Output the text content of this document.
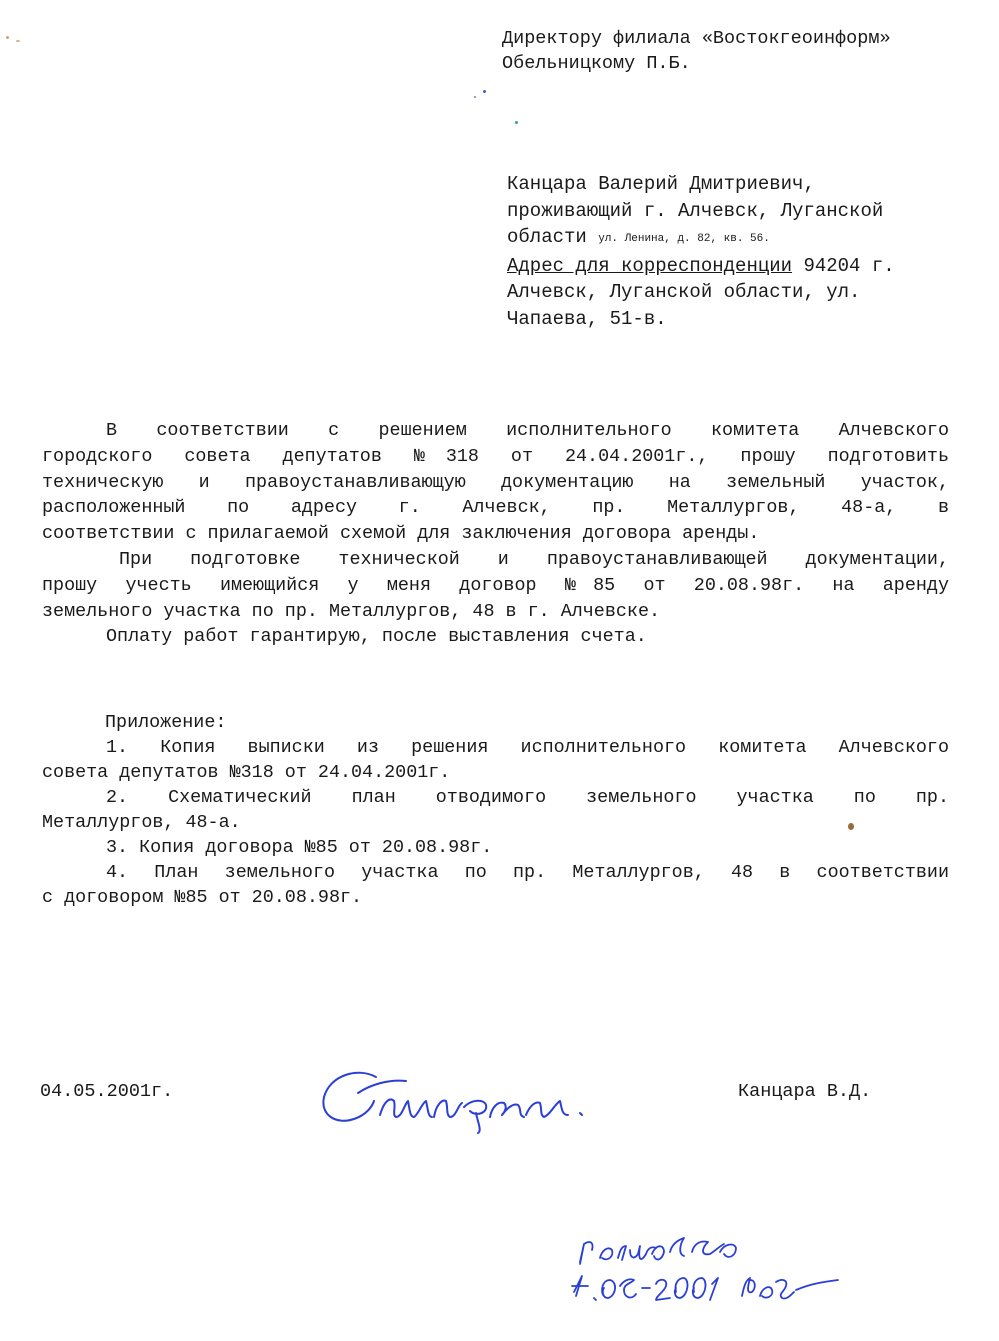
Директору филиала «Востокгеоинформ»
Обельницкому П.Б.
Канцара Валерий Дмитриевич,
проживающий г. Алчевск, Луганской
области ул. Ленина, д. 82, кв. 56.
Адрес для корреспонденции 94204 г.
Алчевск, Луганской области, ул.
Чапаева, 51-в.

В соответствии с решением исполнительного комитета Алчевского

городского совета депутатов №318 от 24.04.2001г., прошу подготовить

техническую и правоустанавливающую документацию на земельный участок,

расположенный по адресу г. Алчевск, пр. Металлургов, 48-а, в

соответствии с прилагаемой схемой для заключения договора аренды.

При подготовке технической и правоустанавливающей документации,

прошу учесть имеющийся у меня договор №85 от 20.08.98г. на аренду

земельного участка по пр. Металлургов, 48 в г. Алчевске.

Оплату работ гарантирую, после выставления счета.

Приложение:

1. Копия выписки из решения исполнительного комитета Алчевского

совета депутатов №318 от 24.04.2001г.

2. Схематический план отводимого земельного участка по пр.

Металлургов, 48-а.

3. Копия договора №85 от 20.08.98г.

4. План земельного участка по пр. Металлургов, 48 в соответствии

с договором №85 от 20.08.98г.

04.05.2001г.	Канцара В.Д.
